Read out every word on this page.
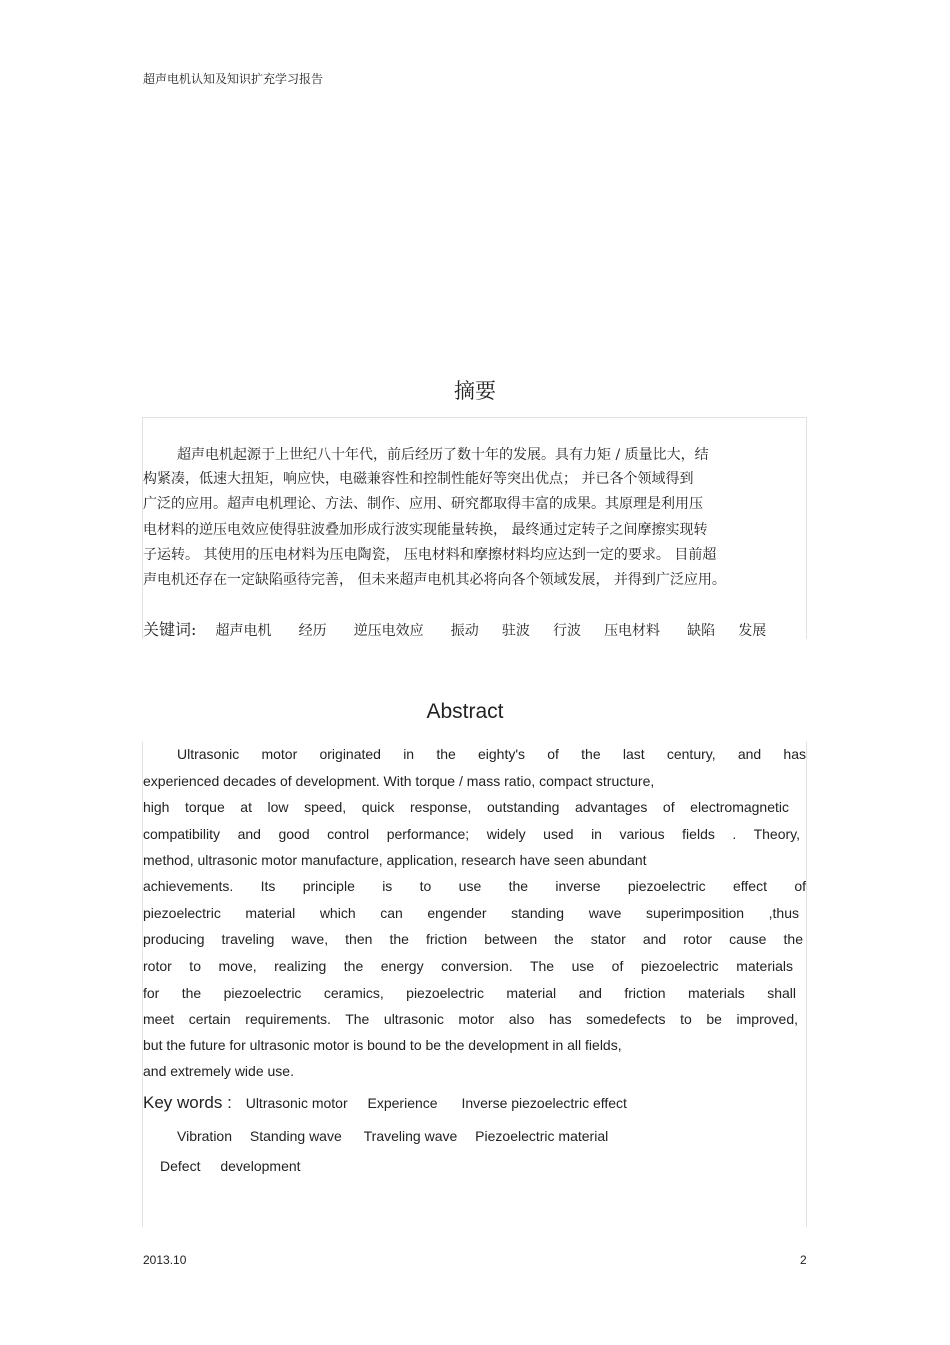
超声电机认知及知识扩充学习报告
摘要
超声电机起源于上世纪八十年代，前后经历了数十年的发展。具有力矩 / 质量比大，结
构紧凑，低速大扭矩，响应快，电磁兼容性和控制性能好等突出优点； 并已各个领域得到
广泛的应用。超声电机理论、方法、制作、应用、研究都取得丰富的成果。其原理是利用压
电材料的逆压电效应使得驻波叠加形成行波实现能量转换， 最终通过定转子之间摩擦实现转
子运转。 其使用的压电材料为压电陶瓷， 压电材料和摩擦材料均应达到一定的要求。 目前超
声电机还存在一定缺陷亟待完善， 但未来超声电机其必将向各个领域发展， 并得到广泛应用。
关键词: 超声电机 经历 逆压电效应 振动 驻波 行波 压电材料 缺陷 发展
Abstract
Ultrasonic motor originated in the eighty's of the last century, and has
experienced decades of development. With torque / mass ratio, compact structure,
high torque at low speed, quick response, outstanding advantages of electromagnetic
compatibility and good control performance; widely used in various fields . Theory,
method, ultrasonic motor manufacture, application, research have seen abundant
achievements. Its principle is to use the inverse piezoelectric effect of
piezoelectric material which can engender standing wave superimposition ,thus
producing traveling wave, then the friction between the stator and rotor cause the
rotor to move, realizing the energy conversion. The use of piezoelectric materials
for the piezoelectric ceramics, piezoelectric material and friction materials shall
meet certain requirements. The ultrasonic motor also has somedefects to be improved,
but the future for ultrasonic motor is bound to be the development in all fields,
and extremely wide use.
Key words : Ultrasonic motor Experience Inverse piezoelectric effect
Vibration Standing wave Traveling wave Piezoelectric material
Defect development
2013.10	2
